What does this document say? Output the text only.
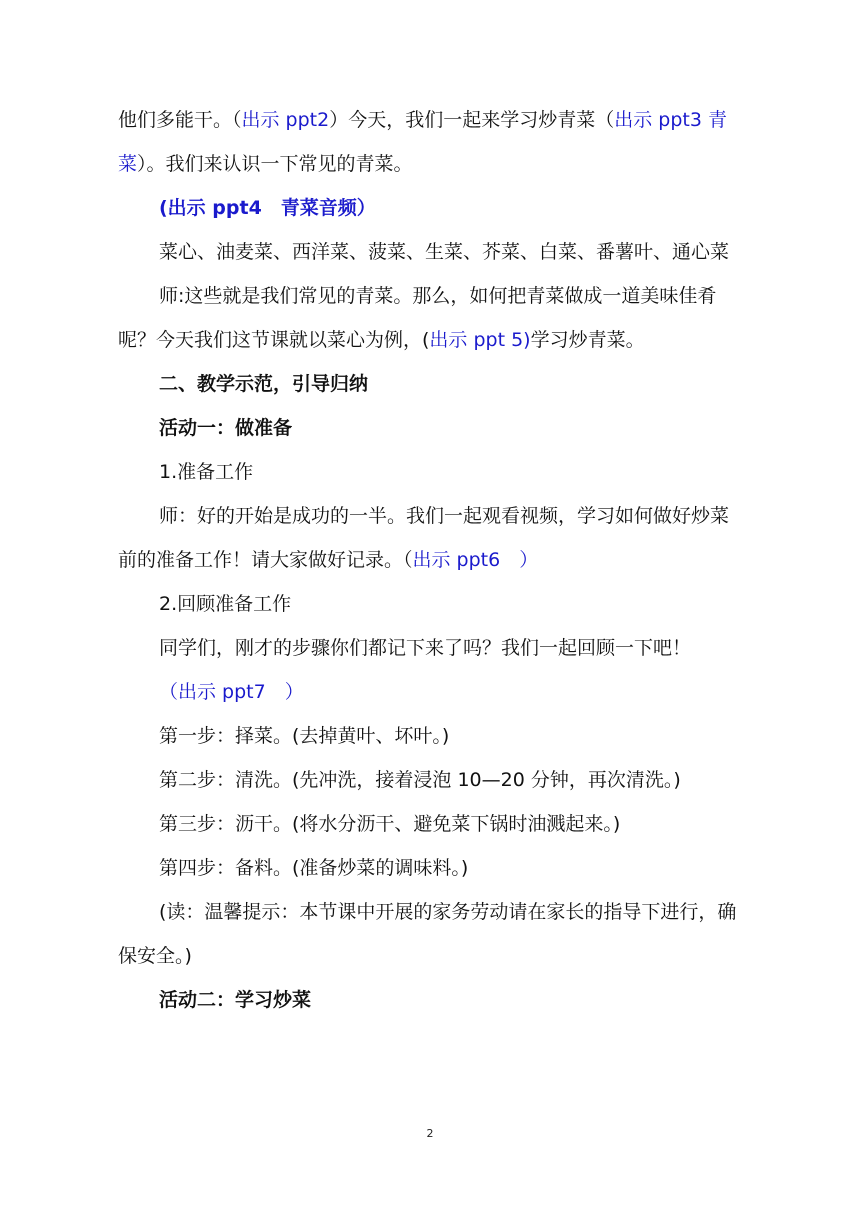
他们多能干。（出示 ppt2）今天，我们一起来学习炒青菜（出示 ppt3 青菜）。我们来认识一下常见的青菜。

(出示 ppt4　青菜音频）

菜心、油麦菜、西洋菜、菠菜、生菜、芥菜、白菜、番薯叶、通心菜

师:这些就是我们常见的青菜。那么，如何把青菜做成一道美味佳肴呢？今天我们这节课就以菜心为例，(出示 ppt 5)学习炒青菜。

二、教学示范，引导归纳

活动一：做准备

1.准备工作

师：好的开始是成功的一半。我们一起观看视频，学习如何做好炒菜前的准备工作！请大家做好记录。（出示 ppt6　）

2.回顾准备工作

同学们，刚才的步骤你们都记下来了吗？我们一起回顾一下吧！

（出示 ppt7　）

第一步：择菜。(去掉黄叶、坏叶。)

第二步：清洗。(先冲洗，接着浸泡 10—20 分钟，再次清洗。)

第三步：沥干。(将水分沥干、避免菜下锅时油溅起来。)

第四步：备料。(准备炒菜的调味料。)

(读：温馨提示：本节课中开展的家务劳动请在家长的指导下进行，确保安全。)

活动二：学习炒菜

2
